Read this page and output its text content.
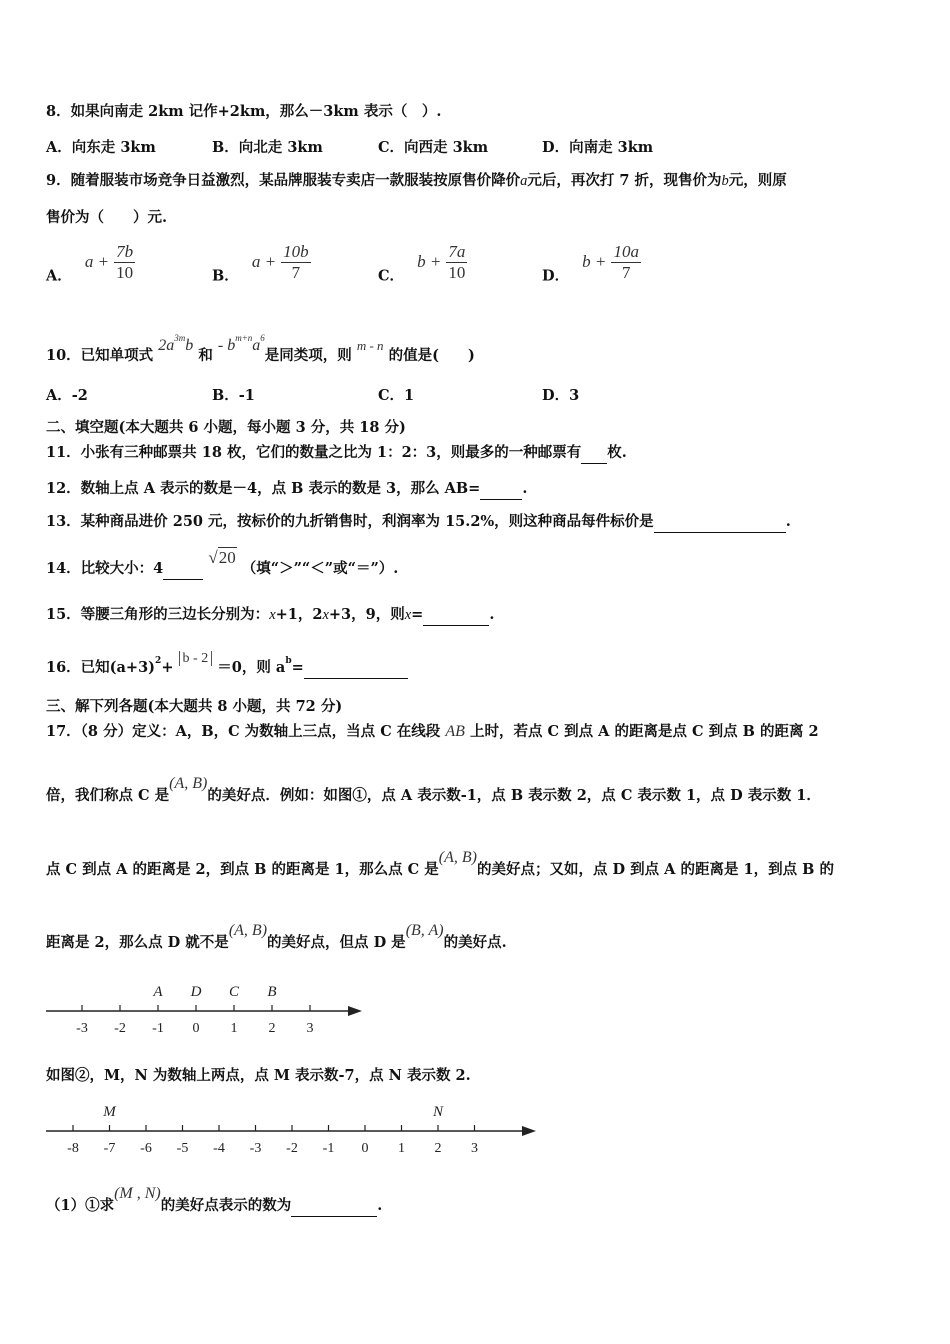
8．如果向南走 2km 记作+2km，那么－3km 表示（　）.
A．向东走 3km	B．向北走 3km	C．向西走 3km	D．向南走 3km
9．随着服装市场竞争日益激烈，某品牌服装专卖店一款服装按原售价降价a元后，再次打 7 折，现售价为b元，则原
售价为（　　）元.
A． $a + \frac{7b}{10}$	B． $a + \frac{10b}{7}$	C． $b + \frac{7a}{10}$	D． $b + \frac{10a}{7}$
10．已知单项式 $2a^{3m}b$ 和 - $b^{m+n}a^6$是同类项，则 m - n 的值是(　　)
A．-2	B．-1	C．1	D．3
二、填空题(本大题共 6 小题，每小题 3 分，共 18 分)
11．小张有三种邮票共 18 枚，它们的数量之比为 1：2：3，则最多的一种邮票有 枚.
12．数轴上点 A 表示的数是－4，点 B 表示的数是 3，那么 AB=	.
13．某种商品进价 250 元，按标价的九折销售时，利润率为 15.2%，则这种商品每件标价是	.
14．比较大小：4  √20 （填“＞”“＜”或“＝”）.
15．等腰三角形的三边长分别为：x+1，2x+3，9，则x=	.
16．已知$(a+3)^2+ b - 2 =0$，则 $a^b=$
三、解下列各题(本大题共 8 小题，共 72 分)
17．（8 分）定义：A，B，C 为数轴上三点，当点 C 在线段 AB 上时，若点 C 到点 A 的距离是点 C 到点 B 的距离 2
倍，我们称点 C 是(A, B)的美好点．例如：如图①，点 A 表示数-1，点 B 表示数 2，点 C 表示数 1，点 D 表示数 1．
点 C 到点 A 的距离是 2，到点 B 的距离是 1，那么点 C 是(A, B)的美好点；又如，点 D 到点 A 的距离是 1，到点 B 的
距离是 2，那么点 D 就不是(A, B)的美好点，但点 D 是(B, A)的美好点.
-3 -2 -1 0 1 2 3
A D C B
如图②，M，N 为数轴上两点，点 M 表示数-7，点 N 表示数 2.
-8 -7 -6 -5 -4 -3 -2 -1 0 1 2 3
M	N
（1）①求(M , N)的美好点表示的数为	.
